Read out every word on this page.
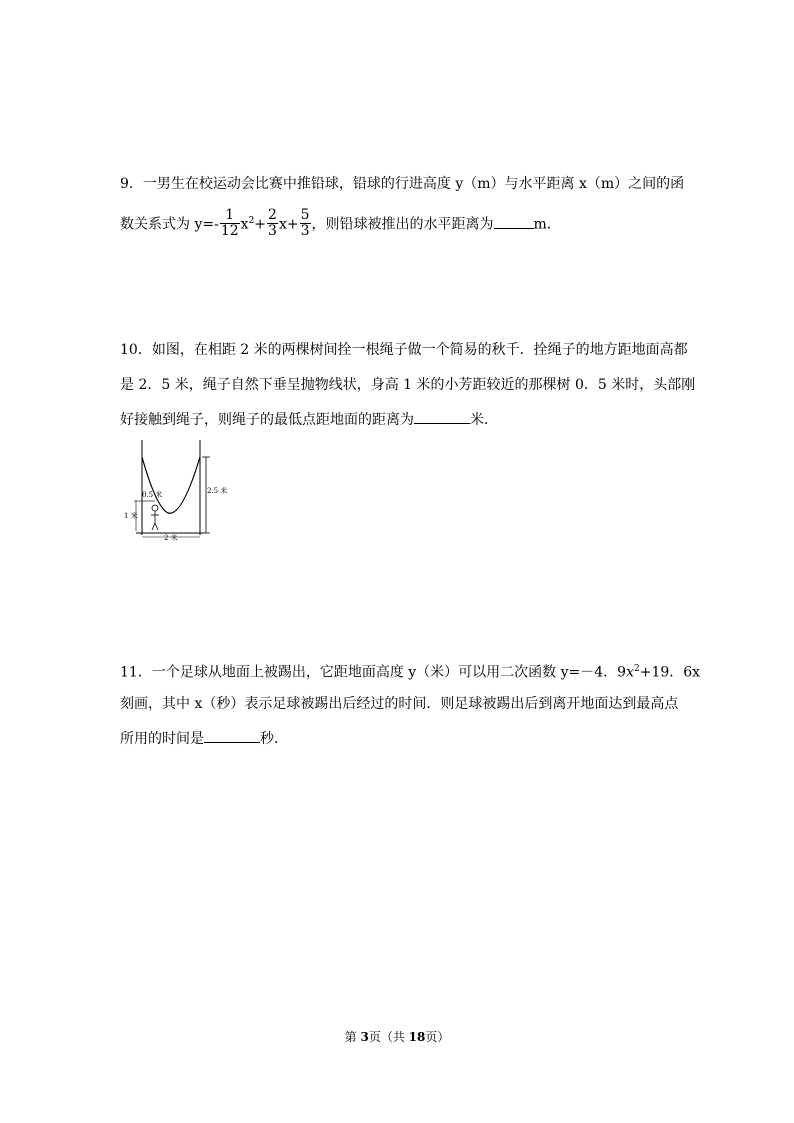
9．一男生在校运动会比赛中推铅球，铅球的行进高度 y（m）与水平距离 x（m）之间的函
数关系式为 $y=- \frac{1}{12} x^2+ \frac{2}{3} x+ \frac{5}{3}$ ，则铅球被推出的水平距离为	m．
10．如图，在相距 2 米的两棵树间拴一根绳子做一个简易的秋千．拴绳子的地方距地面高都
是 2．5 米，绳子自然下垂呈抛物线状，身高 1 米的小芳距较近的那棵树 0．5 米时，头部刚
好接触到绳子，则绳子的最低点距地面的距离为	米．
2.5 米
0.5 米
1 米
2 米
11．一个足球从地面上被踢出，它距地面高度 y（米）可以用二次函数 y=－4．$9x^2+19$．6x
刻画，其中 x（秒）表示足球被踢出后经过的时间．则足球被踢出后到离开地面达到最高点
所用的时间是	秒．
第 3页（共 18页）
